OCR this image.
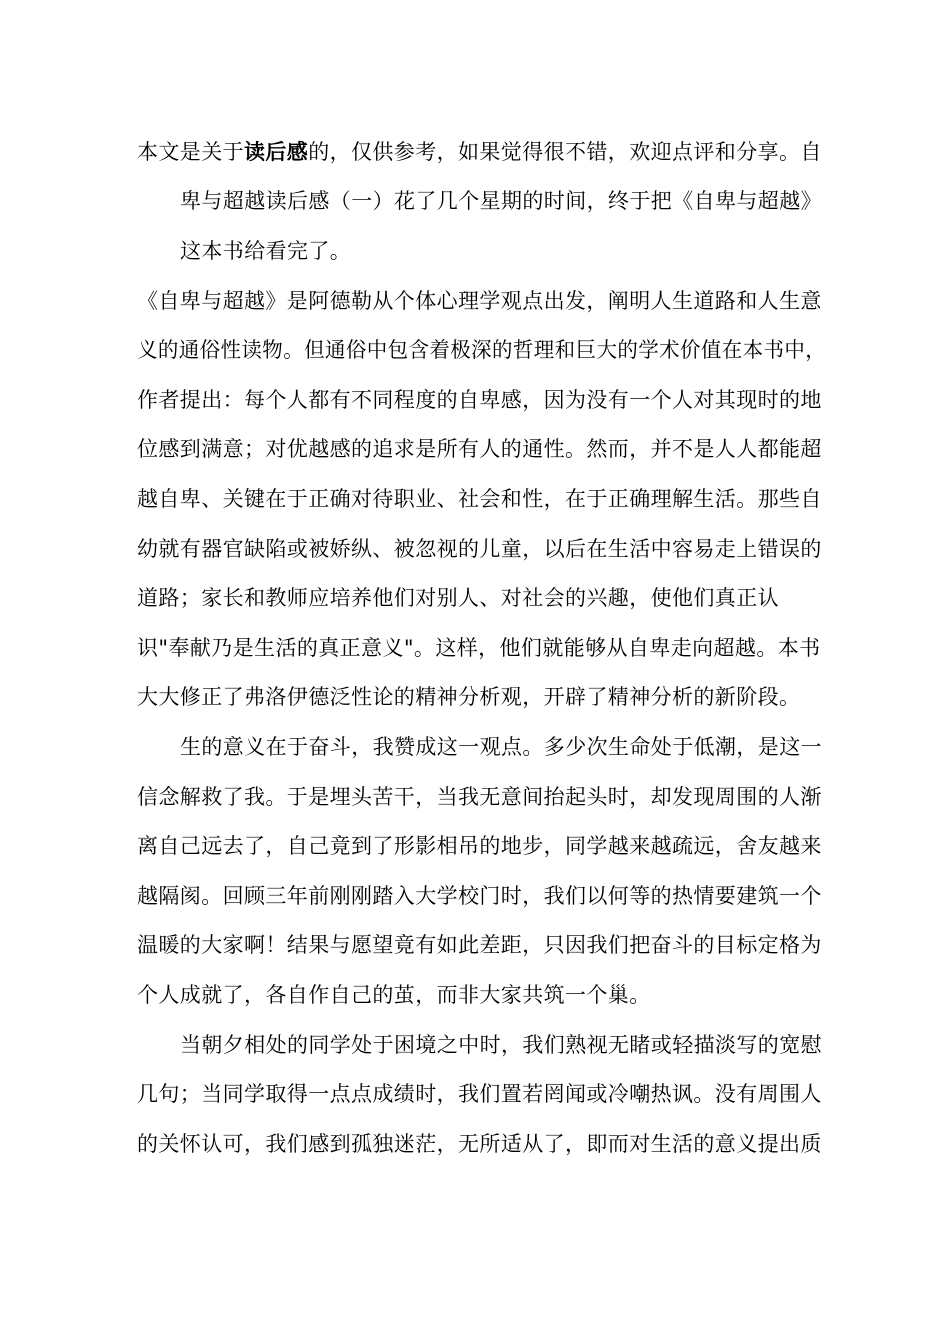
本文是关于读后感的，仅供参考，如果觉得很不错，欢迎点评和分享。自
卑与超越读后感（一）花了几个星期的时间，终于把《自卑与超越》
这本书给看完了。
《自卑与超越》是阿德勒从个体心理学观点出发，阐明人生道路和人生意
义的通俗性读物。但通俗中包含着极深的哲理和巨大的学术价值在本书中，
作者提出：每个人都有不同程度的自卑感，因为没有一个人对其现时的地
位感到满意；对优越感的追求是所有人的通性。然而，并不是人人都能超
越自卑、关键在于正确对待职业、社会和性，在于正确理解生活。那些自
幼就有器官缺陷或被娇纵、被忽视的儿童，以后在生活中容易走上错误的
道路；家长和教师应培养他们对别人、对社会的兴趣，使他们真正认
识"奉献乃是生活的真正意义"。这样，他们就能够从自卑走向超越。本书
大大修正了弗洛伊德泛性论的精神分析观，开辟了精神分析的新阶段。
生的意义在于奋斗，我赞成这一观点。多少次生命处于低潮，是这一
信念解救了我。于是埋头苦干，当我无意间抬起头时，却发现周围的人渐
离自己远去了，自己竟到了形影相吊的地步，同学越来越疏远，舍友越来
越隔阂。回顾三年前刚刚踏入大学校门时，我们以何等的热情要建筑一个
温暖的大家啊！结果与愿望竟有如此差距，只因我们把奋斗的目标定格为
个人成就了，各自作自己的茧，而非大家共筑一个巢。
当朝夕相处的同学处于困境之中时，我们熟视无睹或轻描淡写的宽慰
几句；当同学取得一点点成绩时，我们置若罔闻或冷嘲热讽。没有周围人
的关怀认可，我们感到孤独迷茫，无所适从了，即而对生活的意义提出质
